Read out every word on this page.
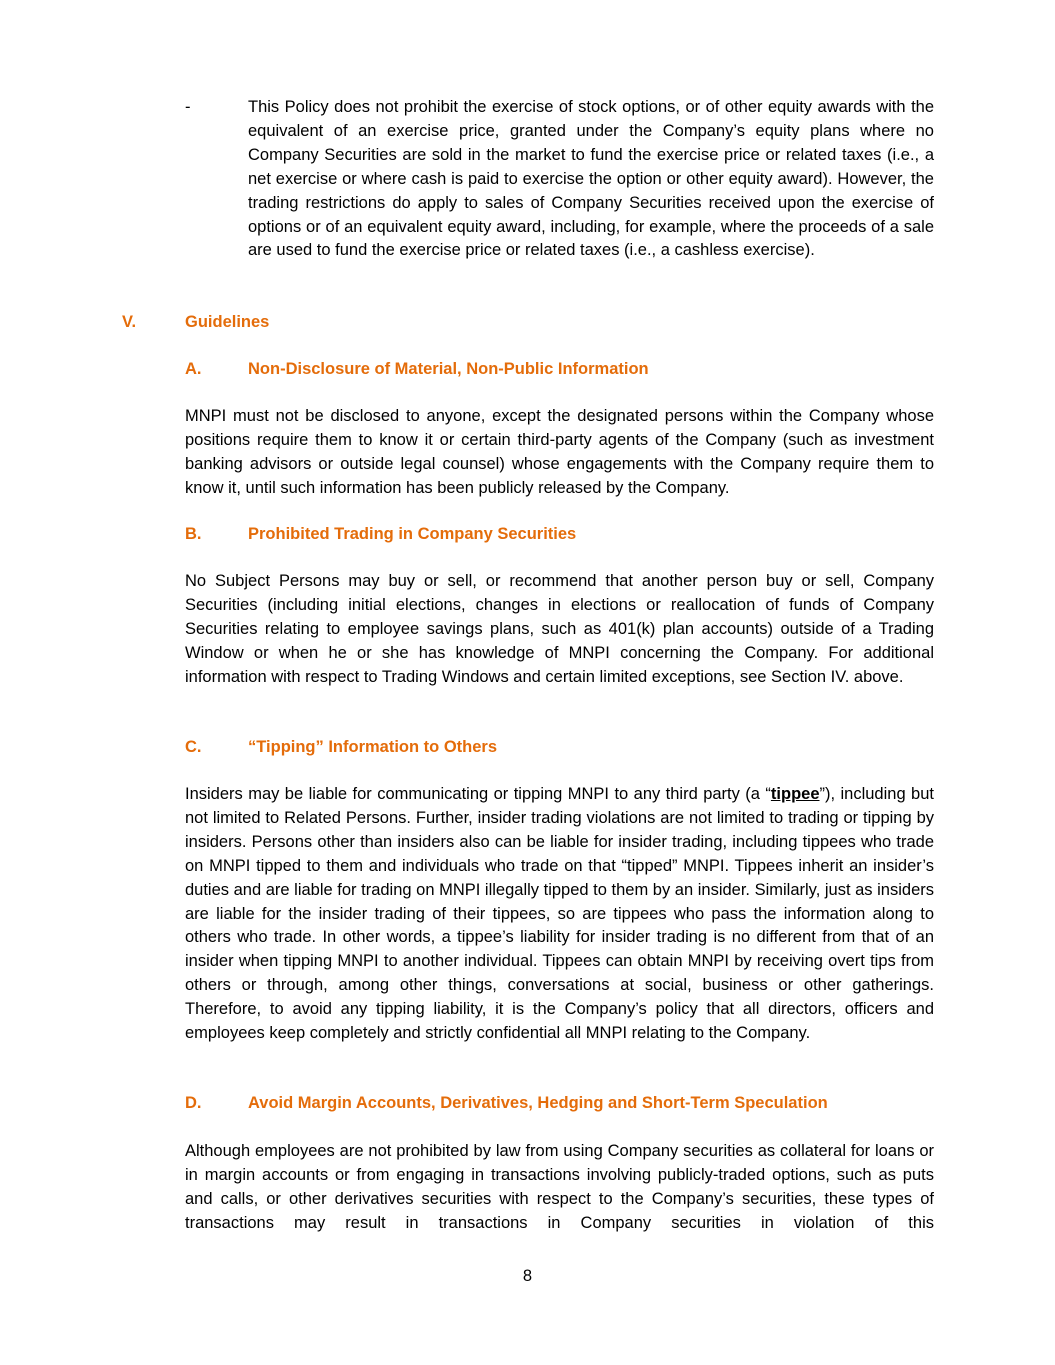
-	This Policy does not prohibit the exercise of stock options, or of other equity awards with the equivalent of an exercise price, granted under the Company’s equity plans where no Company Securities are sold in the market to fund the exercise price or related taxes (i.e., a net exercise or where cash is paid to exercise the option or other equity award). However, the trading restrictions do apply to sales of Company Securities received upon the exercise of options or of an equivalent equity award, including, for example, where the proceeds of a sale are used to fund the exercise price or related taxes (i.e., a cashless exercise).

V.	Guidelines
A.	Non-Disclosure of Material, Non-Public Information

MNPI must not be disclosed to anyone, except the designated persons within the Company whose positions require them to know it or certain third-party agents of the Company (such as investment banking advisors or outside legal counsel) whose engagements with the Company require them to know it, until such information has been publicly released by the Company.

B.	Prohibited Trading in Company Securities

No Subject Persons may buy or sell, or recommend that another person buy or sell, Company Securities (including initial elections, changes in elections or reallocation of funds of Company Securities relating to employee savings plans, such as 401(k) plan accounts) outside of a Trading Window or when he or she has knowledge of MNPI concerning the Company. For additional information with respect to Trading Windows and certain limited exceptions, see Section IV. above.

C.	“Tipping” Information to Others

Insiders may be liable for communicating or tipping MNPI to any third party (a “tippee”), including but not limited to Related Persons. Further, insider trading violations are not limited to trading or tipping by insiders. Persons other than insiders also can be liable for insider trading, including tippees who trade on MNPI tipped to them and individuals who trade on that “tipped” MNPI. Tippees inherit an insider’s duties and are liable for trading on MNPI illegally tipped to them by an insider. Similarly, just as insiders are liable for the insider trading of their tippees, so are tippees who pass the information along to others who trade. In other words, a tippee’s liability for insider trading is no different from that of an insider when tipping MNPI to another individual. Tippees can obtain MNPI by receiving overt tips from others or through, among other things, conversations at social, business or other gatherings. Therefore, to avoid any tipping liability, it is the Company’s policy that all directors, officers and employees keep completely and strictly confidential all MNPI relating to the Company.

D.	Avoid Margin Accounts, Derivatives, Hedging and Short-Term Speculation

Although employees are not prohibited by law from using Company securities as collateral for loans or in margin accounts or from engaging in transactions involving publicly-traded options, such as puts and calls, or other derivatives securities with respect to the Company’s securities, these types of transactions may result in transactions in Company securities in violation of this

8
